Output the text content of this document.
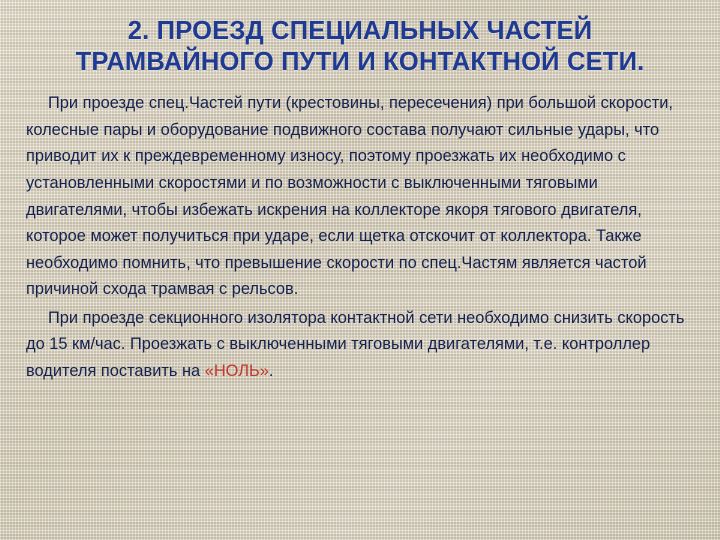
2. ПРОЕЗД СПЕЦИАЛЬНЫХ ЧАСТЕЙ ТРАМВАЙНОГО ПУТИ И КОНТАКТНОЙ СЕТИ.

При проезде спец.Частей пути (крестовины, пересечения) при большой скорости, колесные пары и оборудование подвижного состава получают сильные удары, что приводит их к преждевременному износу, поэтому проезжать их необходимо с установленными скоростями и по возможности с выключенными тяговыми двигателями, чтобы избежать искрения на коллекторе якоря тягового двигателя, которое может получиться при ударе, если щетка отскочит от коллектора. Также необходимо помнить, что превышение скорости по спец.Частям является частой причиной схода трамвая с рельсов.

При проезде секционного изолятора контактной сети необходимо снизить скорость до 15 км/час. Проезжать с выключенными тяговыми двигателями, т.е. контроллер водителя поставить на «НОЛЬ».
